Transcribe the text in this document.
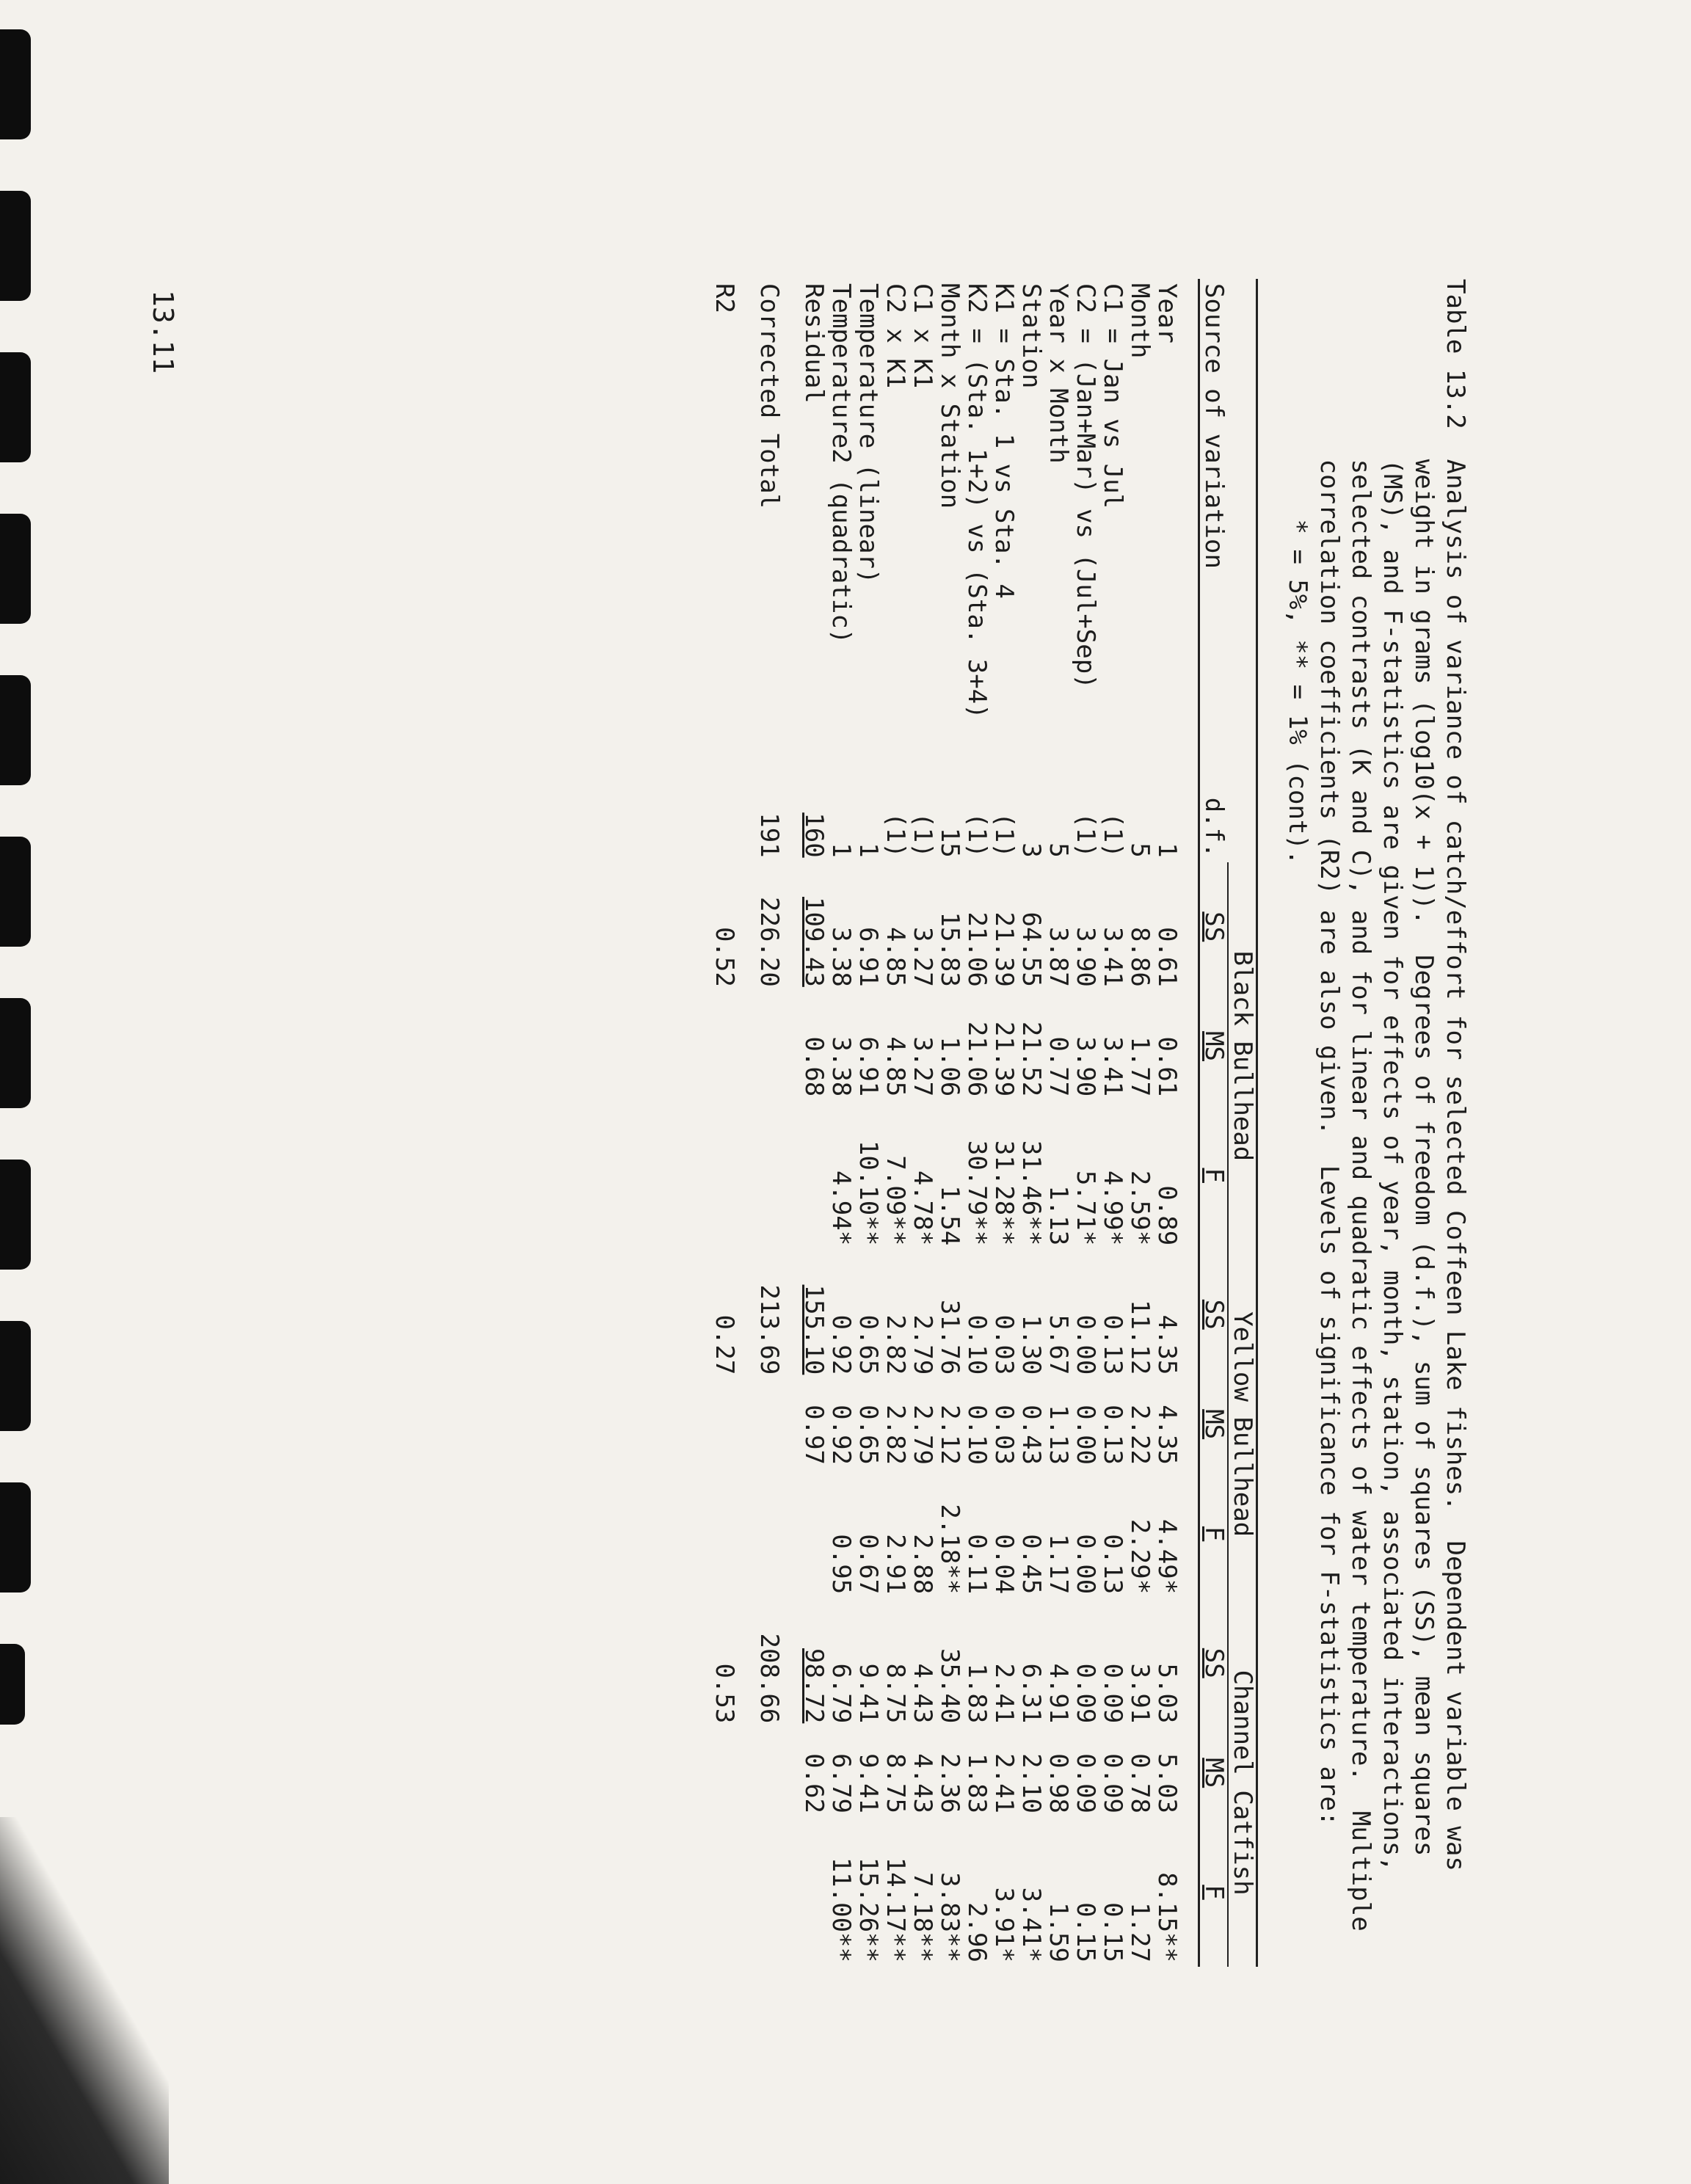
Table 13.2  Analysis of variance of catch/effort for selected Coffeen Lake fishes.  Dependent variable was
weight in grams (log10(x + 1)).  Degrees of freedom (d.f.), sum of squares (SS), mean squares
(MS), and F-statistics are given for effects of year, month, station, associated interactions,
selected contrasts (K and C), and for linear and quadratic effects of water temperature.  Multiple
correlation coefficients (R2) are also given.  Levels of significance for F-statistics are:
* = 5%, ** = 1% (cont).
		Black Bullhead			Yellow Bullhead			Channel Catfish		
Source of variation	d.f.	SS	MS	F	SS	MS	F	SS	MS	F

Year	1	0.61	0.61	0.89	4.35	4.35	4.49*	5.03	5.03	8.15**
Month	5	8.86	1.77	2.59*	11.12	2.22	2.29*	3.91	0.78	1.27
C1 = Jan vs Jul	(1)	3.41	3.41	4.99*	0.13	0.13	0.13	0.09	0.09	0.15
C2 = (Jan+Mar) vs (Jul+Sep)	(1)	3.90	3.90	5.71*	0.00	0.00	0.00	0.09	0.09	0.15
Year x Month	5	3.87	0.77	1.13	5.67	1.13	1.17	4.91	0.98	1.59
Station	3	64.55	21.52	31.46**	1.30	0.43	0.45	6.31	2.10	3.41*
K1 = Sta. 1 vs Sta. 4	(1)	21.39	21.39	31.28**	0.03	0.03	0.04	2.41	2.41	3.91*
K2 = (Sta. 1+2) vs (Sta. 3+4)	(1)	21.06	21.06	30.79**	0.10	0.10	0.11	1.83	1.83	2.96
Month x Station	15	15.83	1.06	1.54	31.76	2.12	2.18**	35.40	2.36	3.83**
C1 x K1	(1)	3.27	3.27	4.78*	2.79	2.79	2.88	4.43	4.43	7.18**
C2 x K1	(1)	4.85	4.85	7.09**	2.82	2.82	2.91	8.75	8.75	14.17**
Temperature (linear)	1	6.91	6.91	10.10**	0.65	0.65	0.67	9.41	9.41	15.26**
Temperature2 (quadratic)	1	3.38	3.38	4.94*	0.92	0.92	0.95	6.79	6.79	11.00**
Residual	160	109.43	0.68		155.10	0.97		98.72	0.62	

Corrected Total	191	226.20			213.69			208.66		

R2		0.52			0.27			0.53		
13.11
